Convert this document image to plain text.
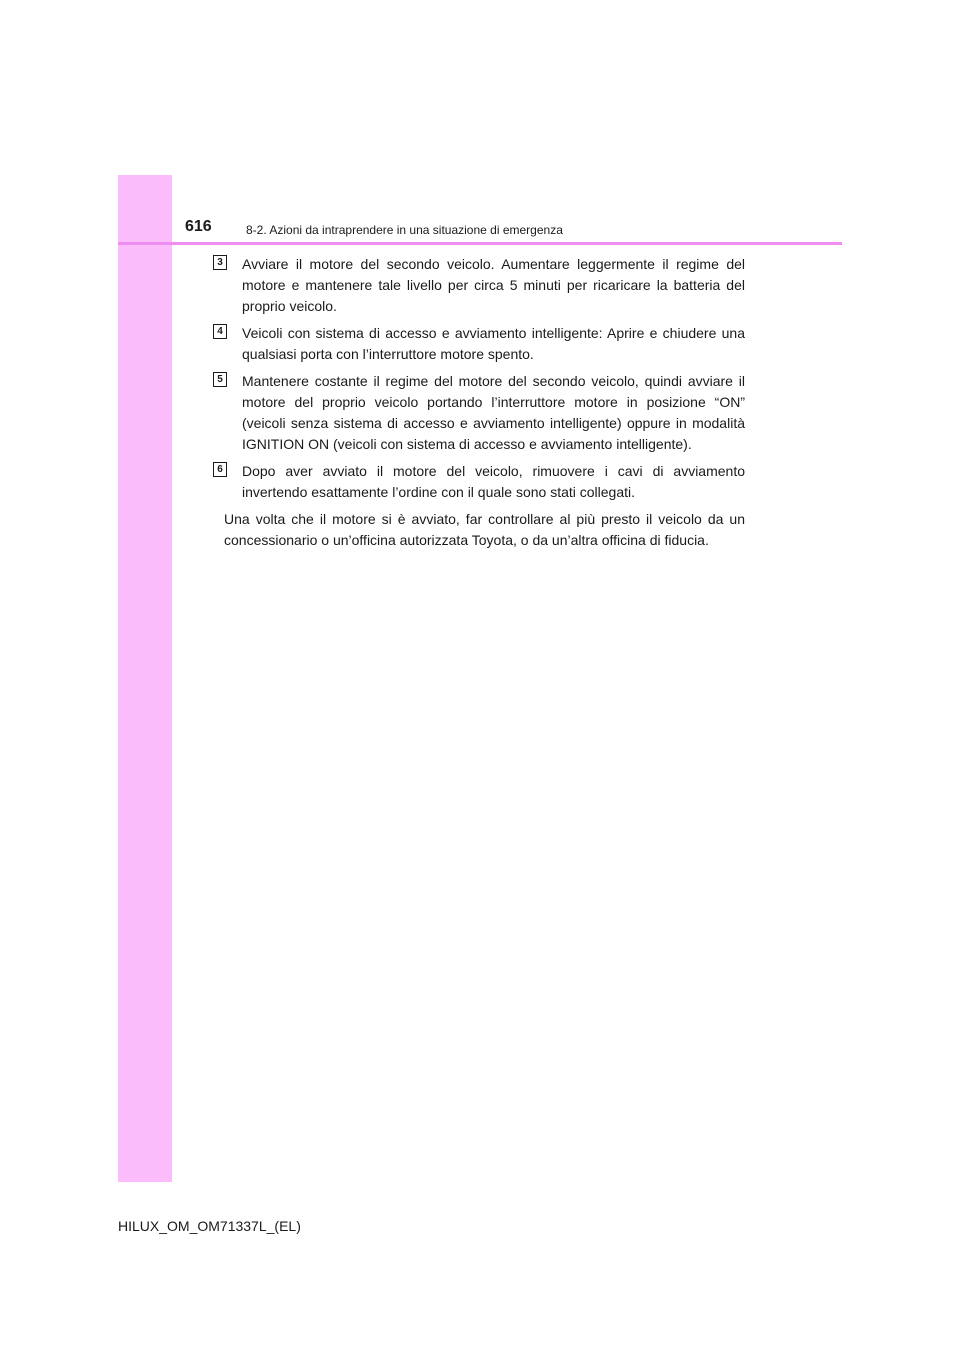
616	8-2. Azioni da intraprendere in una situazione di emergenza
3	Avviare il motore del secondo veicolo. Aumentare leggermente il regime del motore e mantenere tale livello per circa 5 minuti per ricaricare la batteria del proprio veicolo.

4	Veicoli con sistema di accesso e avviamento intelligente: Aprire e chiudere una qualsiasi porta con l’interruttore motore spento.

5	Mantenere costante il regime del motore del secondo veicolo, quindi avviare il motore del proprio veicolo portando l’interruttore motore in posizione “ON” (veicoli senza sistema di accesso e avviamento intelligente) oppure in modalità IGNITION ON (veicoli con sistema di accesso e avviamento intelligente).

6	Dopo aver avviato il motore del veicolo, rimuovere i cavi di avviamento invertendo esattamente l’ordine con il quale sono stati collegati.

Una volta che il motore si è avviato, far controllare al più presto il veicolo da un concessionario o un’officina autorizzata Toyota, o da un’altra officina di fiducia.

HILUX_OM_OM71337L_(EL)
